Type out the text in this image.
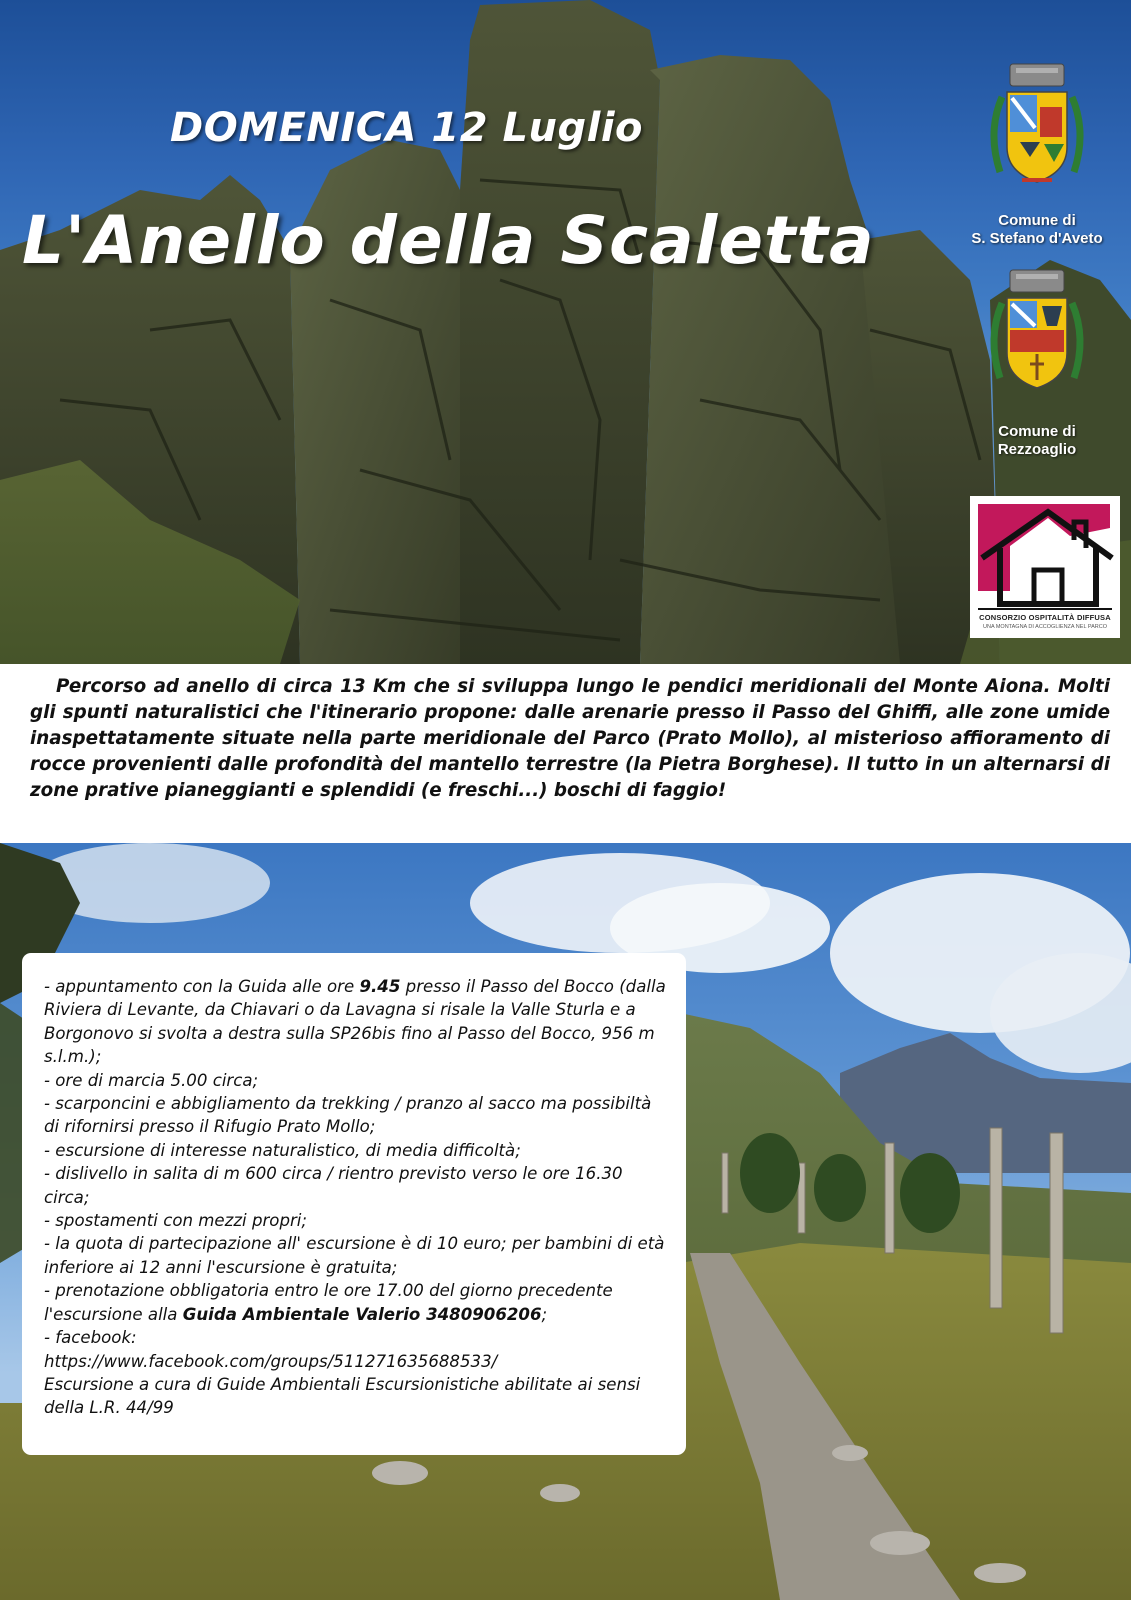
DOMENICA 12 Luglio
L'Anello della Scaletta	Comune di
S. Stefano d'Aveto
Comune di
Rezzoaglio
CONSORZIO OSPITALITÀ DIFFUSA
UNA MONTAGNA DI ACCOGLIENZA NEL PARCO

Percorso ad anello di circa 13 Km che si sviluppa lungo le pendici meridionali del Monte Aiona. Molti gli spunti naturalistici che l'itinerario propone: dalle arenarie presso il Passo del Ghiffi, alle zone umide inaspettatamente situate nella parte meridionale del Parco (Prato Mollo), al misterioso affioramento di rocce provenienti dalle profondità del mantello terrestre (la Pietra Borghese). Il tutto in un alternarsi di zone prative pianeggianti e splendidi (e freschi...) boschi di faggio!

- appuntamento con la Guida alle ore 9.45 presso il Passo del Bocco (dalla Riviera di Levante, da Chiavari o da Lavagna si risale la Valle Sturla e a Borgonovo si svolta a destra sulla SP26bis fino al Passo del Bocco, 956 m s.l.m.);

- ore di marcia 5.00 circa;

- scarponcini e abbigliamento da trekking / pranzo al sacco ma possibiltà di rifornirsi presso il Rifugio Prato Mollo;

- escursione di interesse naturalistico, di media difficoltà;

- dislivello in salita di m 600 circa / rientro previsto verso le ore 16.30 circa;

- spostamenti con mezzi propri;

- la quota di partecipazione all' escursione è di 10 euro; per bambini di età inferiore ai 12 anni l'escursione è gratuita;

- prenotazione obbligatoria entro le ore 17.00 del giorno precedente l'escursione alla Guida Ambientale Valerio 3480906206;

- facebook:

https://www.facebook.com/groups/511271635688533/

Escursione a cura di Guide Ambientali Escursionistiche abilitate ai sensi della L.R. 44/99
